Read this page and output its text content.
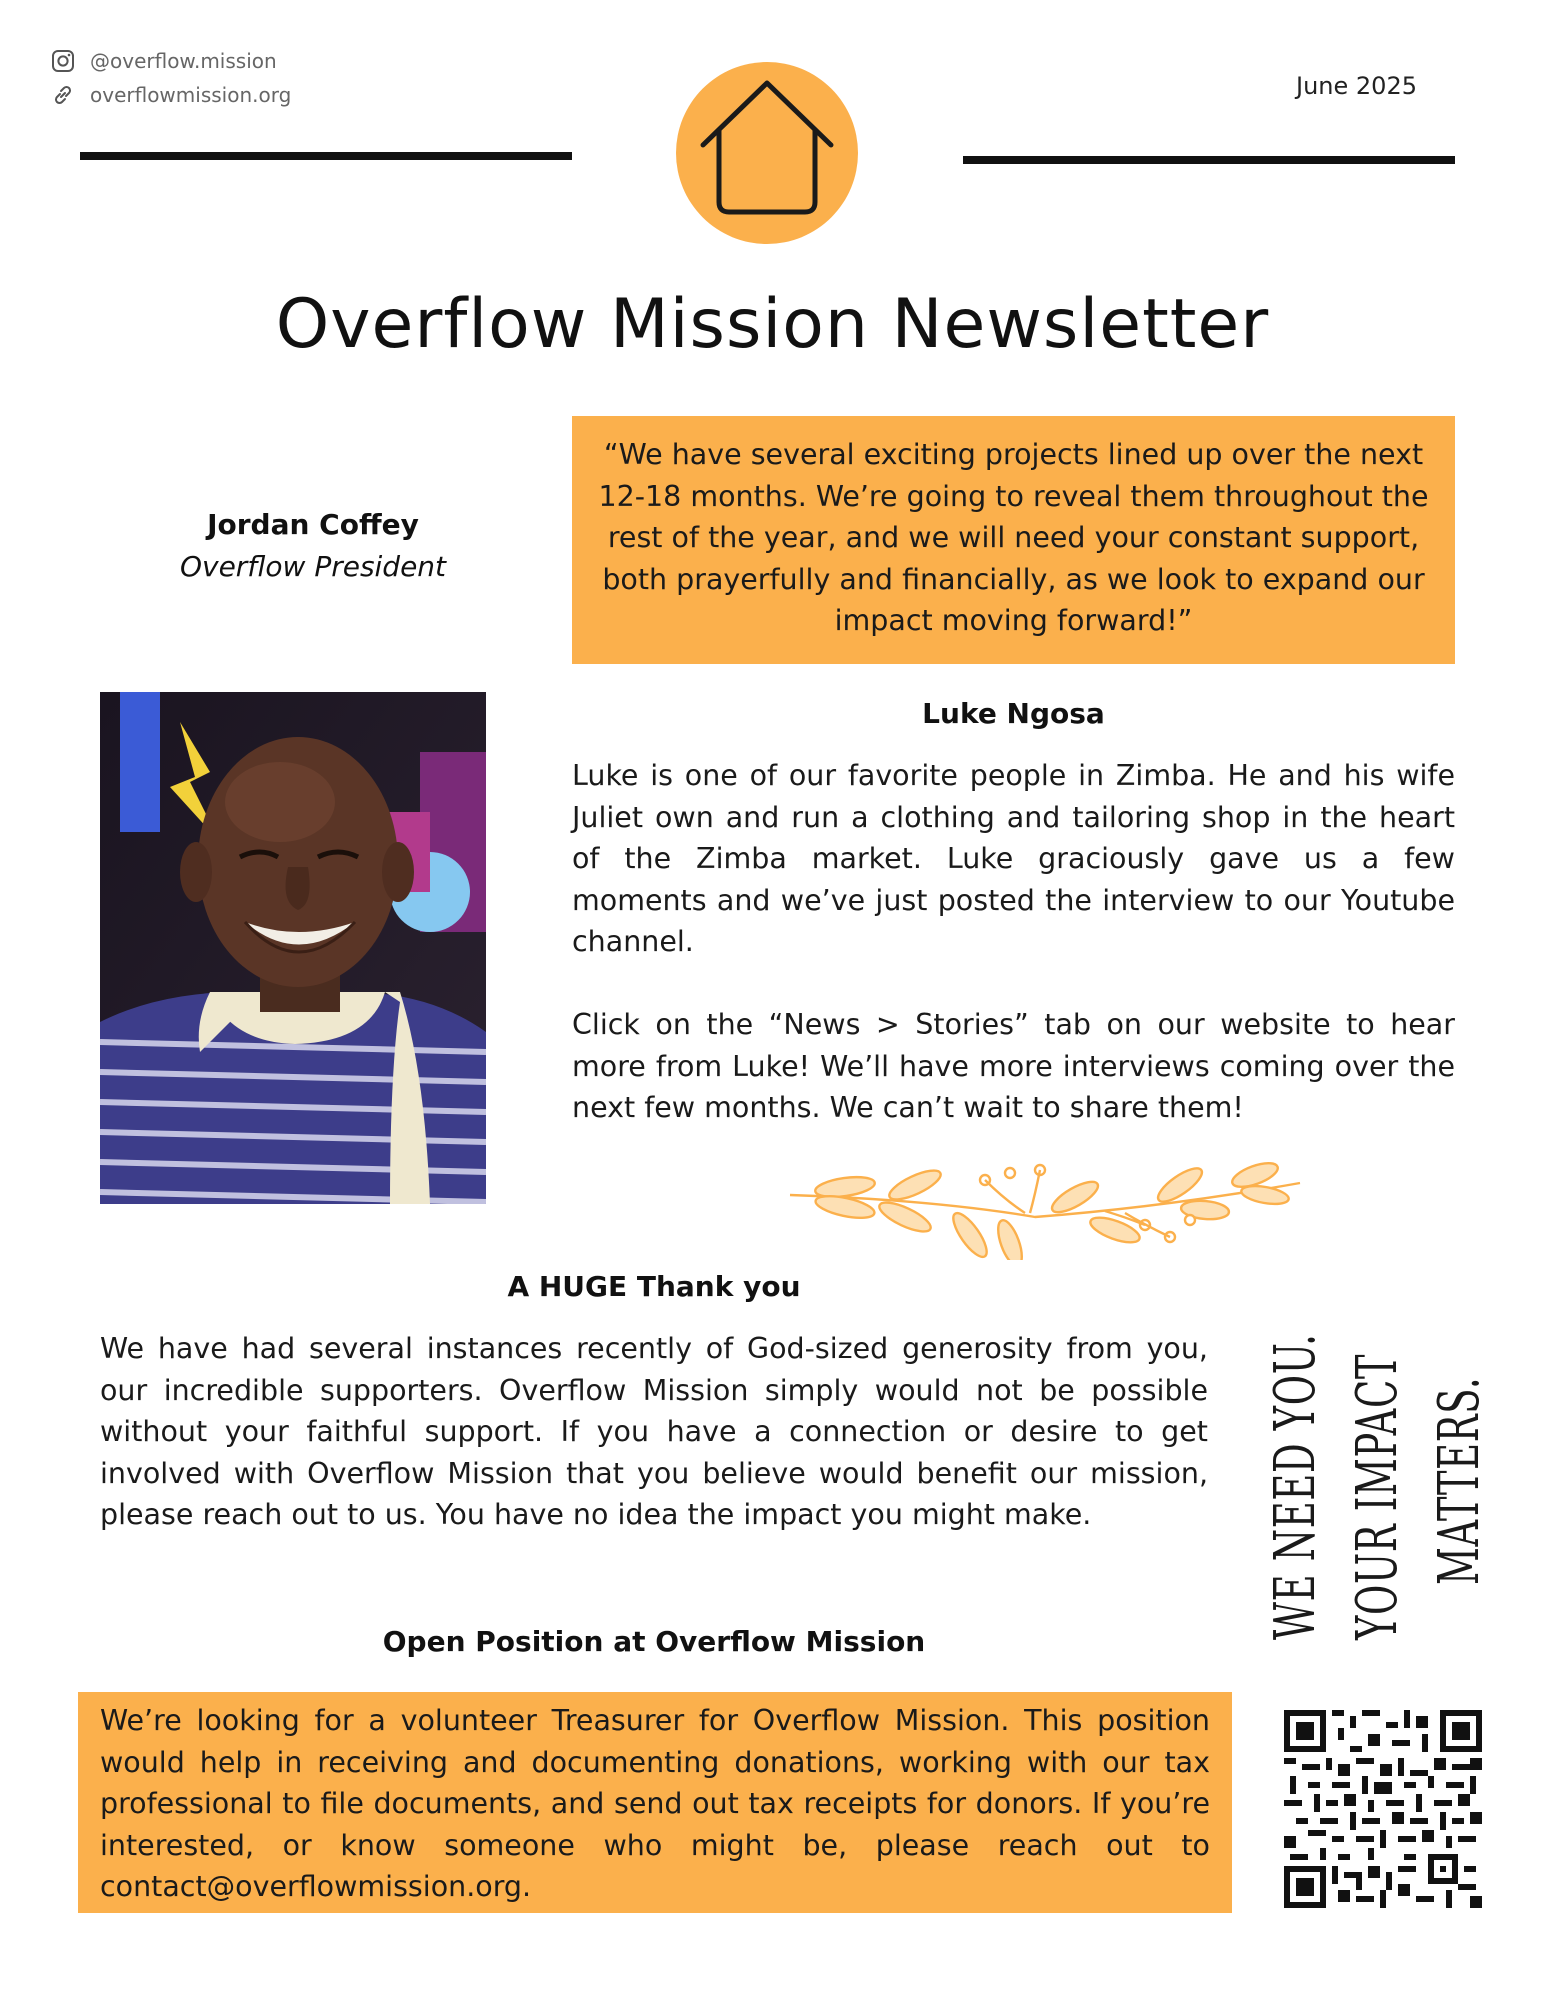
@overflow.mission
overflowmission.org	June 2025
Overflow Mission Newsletter
Jordan Coffey
Overflow President
“We have several exciting projects lined up over the next 12-18 months. We’re going to reveal them throughout the rest of the year, and we will need your constant support, both prayerfully and financially, as we look to expand our impact moving forward!”
Luke Ngosa
Luke is one of our favorite people in Zimba. He and his wife Juliet own and run a clothing and tailoring shop in the heart of the Zimba market. Luke graciously gave us a few moments and we’ve just posted the interview to our Youtube channel.
Click on the “News > Stories” tab on our website to hear more from Luke! We’ll have more interviews coming over the next few months. We can’t wait to share them!
A HUGE Thank you
We have had several instances recently of God-sized generosity from you, our incredible supporters. Overflow Mission simply would not be possible without your faithful support. If you have a connection or desire to get involved with Overflow Mission that you believe would benefit our mission, please reach out to us. You have no idea the impact you might make.
Open Position at Overflow Mission
We’re looking for a volunteer Treasurer for Overflow Mission. This position would help in receiving and documenting donations, working with our tax professional to file documents, and send out tax receipts for donors. If you’re interested, or know someone who might be, please reach out to contact@overflowmission.org.
WE NEED YOU. YOUR IMPACT MATTERS.
